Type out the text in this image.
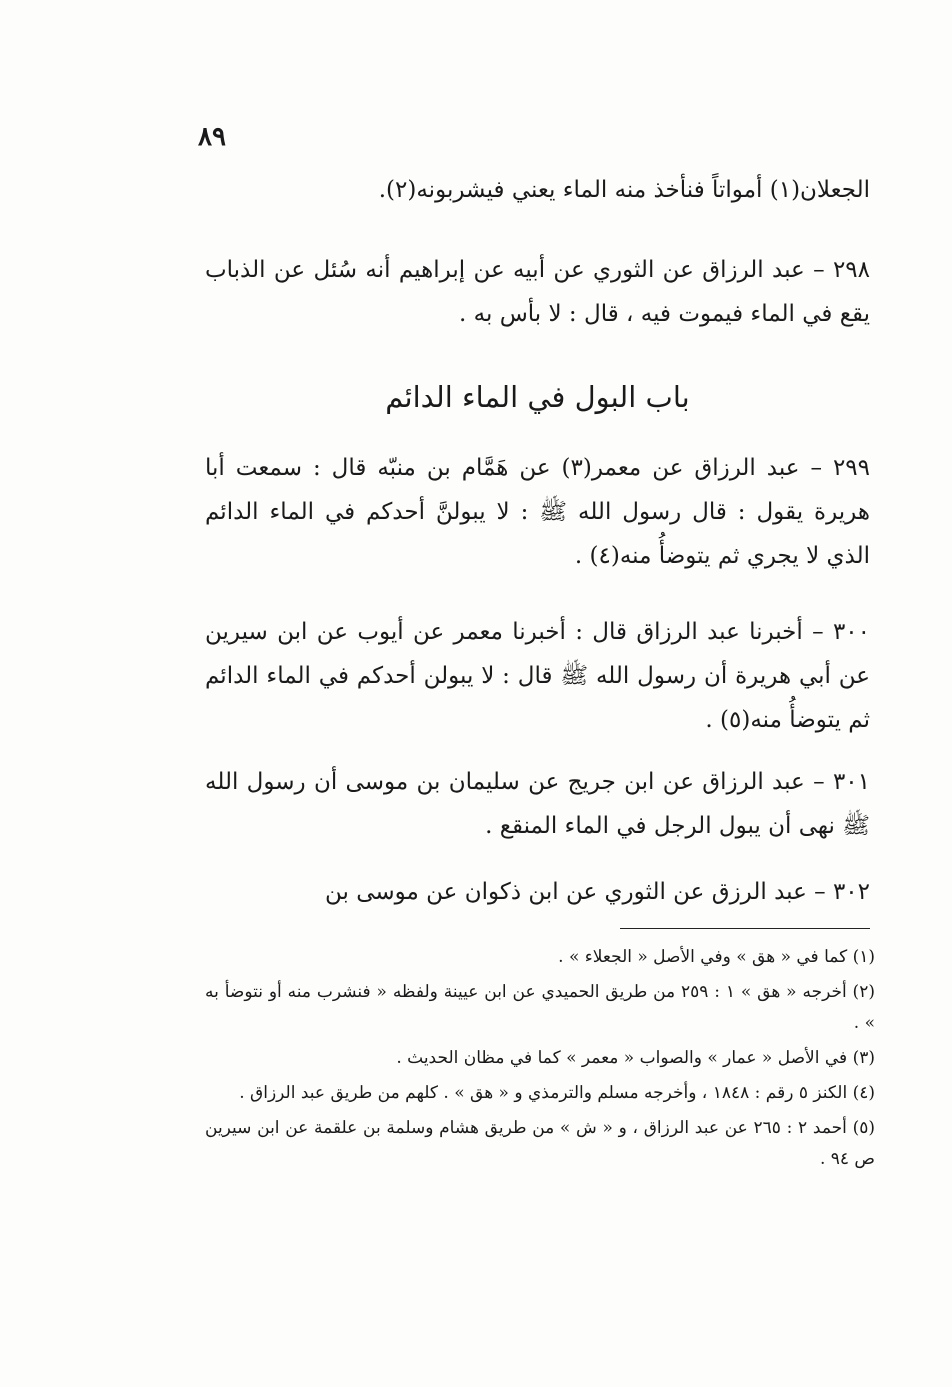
٨٩

الجعلان(١) أمواتاً فنأخذ منه الماء يعني فيشربونه(٢).

٢٩٨ – عبد الرزاق عن الثوري عن أبيه عن إبراهيم أنه سُئل عن الذباب يقع في الماء فيموت فيه ، قال : لا بأس به .

باب البول في الماء الدائم

٢٩٩ – عبد الرزاق عن معمر(٣) عن هَمَّام بن منبّه قال : سمعت أبا هريرة يقول : قال رسول الله ﷺ : لا يبولنَّ أحدكم في الماء الدائم الذي لا يجري ثم يتوضأُ منه(٤) .

٣٠٠ – أخبرنا عبد الرزاق قال : أخبرنا معمر عن أيوب عن ابن سيرين عن أبي هريرة أن رسول الله ﷺ قال : لا يبولن أحدكم في الماء الدائم ثم يتوضأُ منه(٥) .

٣٠١ – عبد الرزاق عن ابن جريج عن سليمان بن موسى أن رسول الله ﷺ نهى أن يبول الرجل في الماء المنقع .

٣٠٢ – عبد الرزق عن الثوري عن ابن ذكوان عن موسى بن

(١) كما في « هق » وفي الأصل « الجعلاء » .
(٢) أخرجه « هق » ١ : ٢٥٩ من طريق الحميدي عن ابن عيينة ولفظه « فنشرب منه أو نتوضأ به » .
(٣) في الأصل « عمار » والصواب « معمر » كما في مظان الحديث .
(٤) الكنز ٥ رقم : ١٨٤٨ ، وأخرجه مسلم والترمذي و « هق » . كلهم من طريق عبد الرزاق .
(٥) أحمد ٢ : ٢٦٥ عن عبد الرزاق ، و « ش » من طريق هشام وسلمة بن علقمة عن ابن سيرين ص ٩٤ .
